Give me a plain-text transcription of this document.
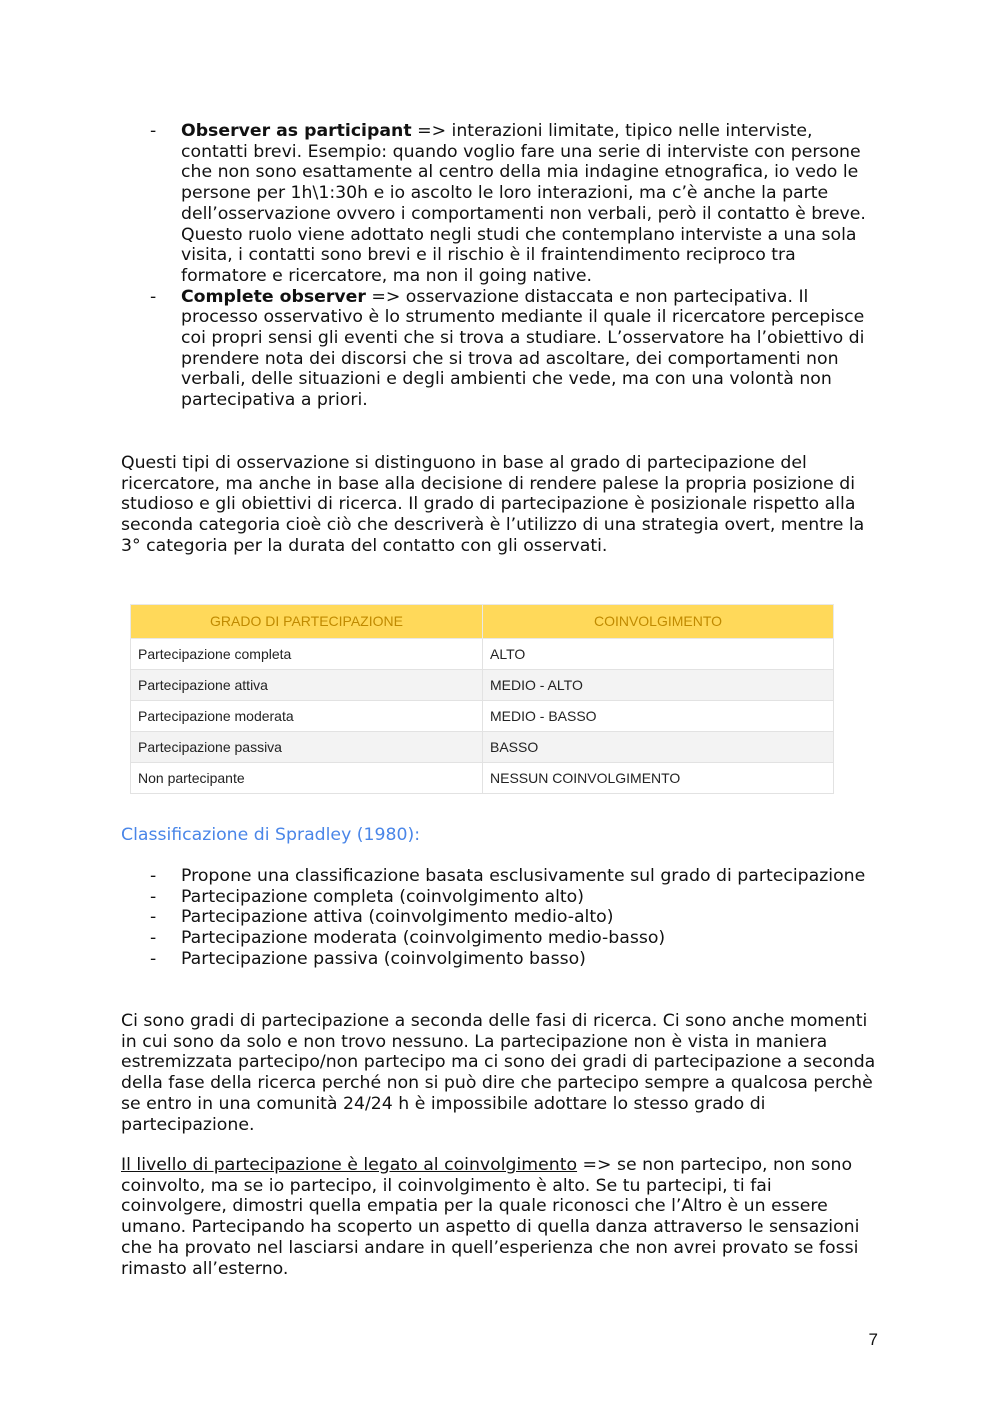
- Observer as participant => interazioni limitate, tipico nelle interviste, contatti brevi. Esempio: quando voglio fare una serie di interviste con persone che non sono esattamente al centro della mia indagine etnografica, io vedo le persone per 1h\1:30h e io ascolto le loro interazioni, ma c’è anche la parte dell’osservazione ovvero i comportamenti non verbali, però il contatto è breve. Questo ruolo viene adottato negli studi che contemplano interviste a una sola visita, i contatti sono brevi e il rischio è il fraintendimento reciproco tra formatore e ricercatore, ma non il going native.
- Complete observer => osservazione distaccata e non partecipativa. Il processo osservativo è lo strumento mediante il quale il ricercatore percepisce coi propri sensi gli eventi che si trova a studiare. L’osservatore ha l’obiettivo di prendere nota dei discorsi che si trova ad ascoltare, dei comportamenti non verbali, delle situazioni e degli ambienti che vede, ma con una volontà non partecipativa a priori.

Questi tipi di osservazione si distinguono in base al grado di partecipazione del ricercatore, ma anche in base alla decisione di rendere palese la propria posizione di studioso e gli obiettivi di ricerca. Il grado di partecipazione è posizionale rispetto alla seconda categoria cioè ciò che descriverà è l’utilizzo di una strategia overt, mentre la 3° categoria per la durata del contatto con gli osservati.

GRADO DI PARTECIPAZIONE	COINVOLGIMENTO
Partecipazione completa	ALTO
Partecipazione attiva	MEDIO - ALTO
Partecipazione moderata	MEDIO - BASSO
Partecipazione passiva	BASSO
Non partecipante	NESSUN COINVOLGIMENTO
Classificazione di Spradley (1980):
- Propone una classificazione basata esclusivamente sul grado di partecipazione
- Partecipazione completa (coinvolgimento alto)
- Partecipazione attiva (coinvolgimento medio-alto)
- Partecipazione moderata (coinvolgimento medio-basso)
- Partecipazione passiva (coinvolgimento basso)

Ci sono gradi di partecipazione a seconda delle fasi di ricerca. Ci sono anche momenti in cui sono da solo e non trovo nessuno. La partecipazione non è vista in maniera estremizzata partecipo/non partecipo ma ci sono dei gradi di partecipazione a seconda della fase della ricerca perché non si può dire che partecipo sempre a qualcosa perchè se entro in una comunità 24/24 h è impossibile adottare lo stesso grado di partecipazione.

Il livello di partecipazione è legato al coinvolgimento => se non partecipo, non sono coinvolto, ma se io partecipo, il coinvolgimento è alto. Se tu partecipi, ti fai coinvolgere, dimostri quella empatia per la quale riconosci che l’Altro è un essere umano. Partecipando ha scoperto un aspetto di quella danza attraverso le sensazioni che ha provato nel lasciarsi andare in quell’esperienza che non avrei provato se fossi rimasto all’esterno.

7
